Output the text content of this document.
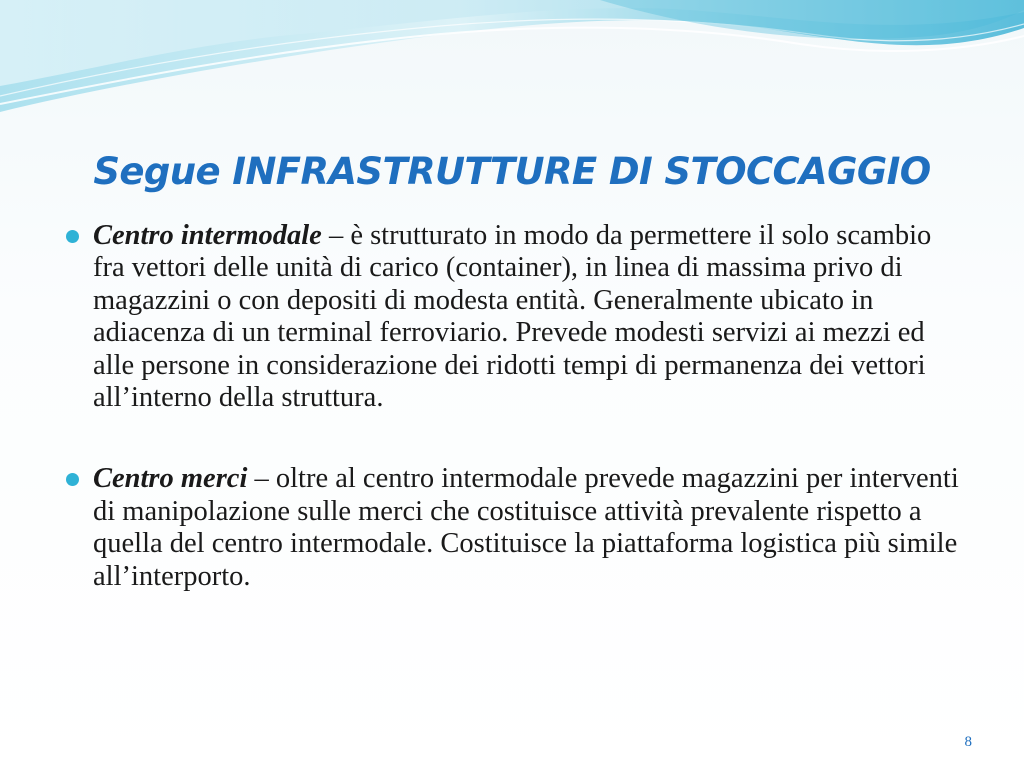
Segue INFRASTRUTTURE DI STOCCAGGIO
Centro intermodale – è strutturato in modo da permettere il solo scambio fra vettori delle unità di carico (container), in linea di massima privo di magazzini o con depositi di modesta entità. Generalmente ubicato in adiacenza di un terminal ferroviario. Prevede modesti servizi ai mezzi ed alle persone in considerazione dei ridotti tempi di permanenza dei vettori all’interno della struttura.
Centro merci – oltre al centro intermodale prevede magazzini per interventi di manipolazione sulle merci che costituisce attività prevalente rispetto a quella del centro intermodale. Costituisce la piattaforma logistica più simile all’interporto.
8
